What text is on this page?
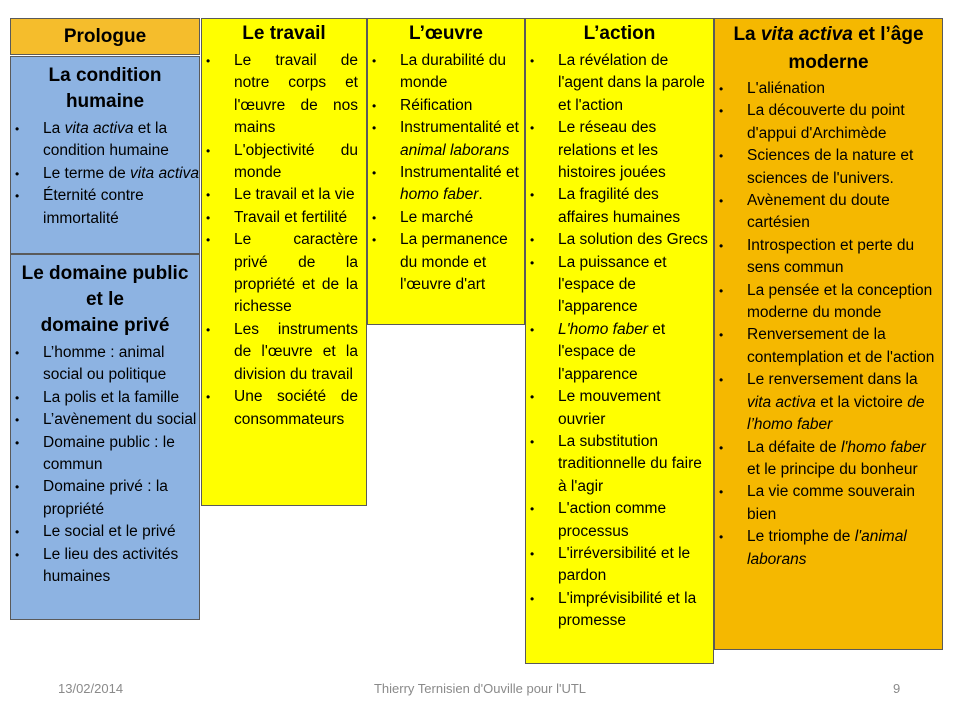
Prologue
La condition
humaine
• La vita activa et la condition humaine
• Le terme de vita activa
• Éternité contre immortalité
Le domaine public
et le
domaine privé
• L’homme : animal social ou politique
• La polis et la famille
• L’avènement du social
• Domaine public : le commun
• Domaine privé : la propriété
• Le social et le privé
• Le lieu des activités humaines
Le travail
• Le travail de notre corps et l'œuvre de nos mains
• L'objectivité du monde
• Le travail et la vie
• Travail et fertilité
• Le caractère privé de la propriété et de la richesse
• Les instruments de l'œuvre et la division du travail
• Une société de consommateurs
L’œuvre
• La durabilité du monde
• Réification
• Instrumentalité et animal laborans
• Instrumentalité et homo faber.
• Le marché
• La permanence du monde et l'œuvre d'art
L’action
• La révélation de l'agent dans la parole et l'action
• Le réseau des relations et les histoires jouées
• La fragilité des affaires humaines
• La solution des Grecs
• La puissance et l'espace de l'apparence
• L'homo faber et l'espace de l'apparence
• Le mouvement ouvrier
• La substitution traditionnelle du faire à l'agir
• L'action comme processus
• L'irréversibilité et le pardon
• L'imprévisibilité et la promesse
La vita activa et l’âge moderne
• L'aliénation
• La découverte du point d'appui d'Archimède
• Sciences de la nature et sciences de l'univers.
• Avènement du doute cartésien
• Introspection et perte du sens commun
• La pensée et la conception moderne du monde
• Renversement de la contemplation et de l'action
• Le renversement dans la vita activa et la victoire de l’homo faber
• La défaite de l'homo faber et le principe du bonheur
• La vie comme souverain bien
• Le triomphe de l'animal laborans
13/02/2014	Thierry Ternisien d'Ouville pour l'UTL	9
